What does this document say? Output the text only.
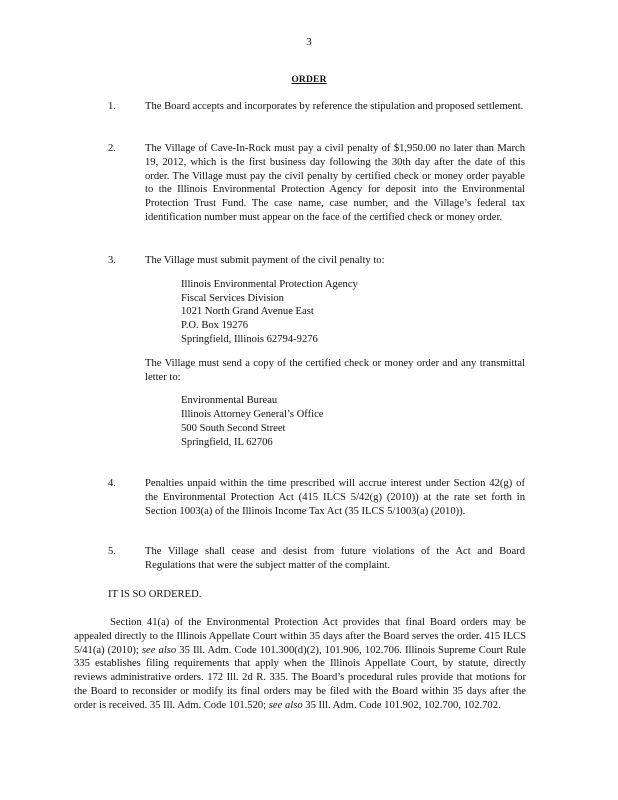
3
ORDER
1.	The Board accepts and incorporates by reference the stipulation and proposed settlement.
2.	The Village of Cave-In-Rock must pay a civil penalty of $1,950.00 no later than March 19, 2012, which is the first business day following the 30th day after the date of this order. The Village must pay the civil penalty by certified check or money order payable to the Illinois Environmental Protection Agency for deposit into the Environmental Protection Trust Fund. The case name, case number, and the Village’s federal tax identification number must appear on the face of the certified check or money order.
3.	The Village must submit payment of the civil penalty to:

Illinois Environmental Protection Agency
Fiscal Services Division
1021 North Grand Avenue East
P.O. Box 19276
Springfield, Illinois 62794-9276

The Village must send a copy of the certified check or money order and any transmittal letter to:

Environmental Bureau
Illinois Attorney General’s Office
500 South Second Street
Springfield, IL 62706
4.	Penalties unpaid within the time prescribed will accrue interest under Section 42(g) of the Environmental Protection Act (415 ILCS 5/42(g) (2010)) at the rate set forth in Section 1003(a) of the Illinois Income Tax Act (35 ILCS 5/1003(a) (2010)).
5.	The Village shall cease and desist from future violations of the Act and Board Regulations that were the subject matter of the complaint.
IT IS SO ORDERED.

Section 41(a) of the Environmental Protection Act provides that final Board orders may be appealed directly to the Illinois Appellate Court within 35 days after the Board serves the order. 415 ILCS 5/41(a) (2010); see also 35 Ill. Adm. Code 101.300(d)(2), 101.906, 102.706. Illinois Supreme Court Rule 335 establishes filing requirements that apply when the Illinois Appellate Court, by statute, directly reviews administrative orders. 172 Ill. 2d R. 335. The Board’s procedural rules provide that motions for the Board to reconsider or modify its final orders may be filed with the Board within 35 days after the order is received. 35 Ill. Adm. Code 101.520; see also 35 Ill. Adm. Code 101.902, 102.700, 102.702.
